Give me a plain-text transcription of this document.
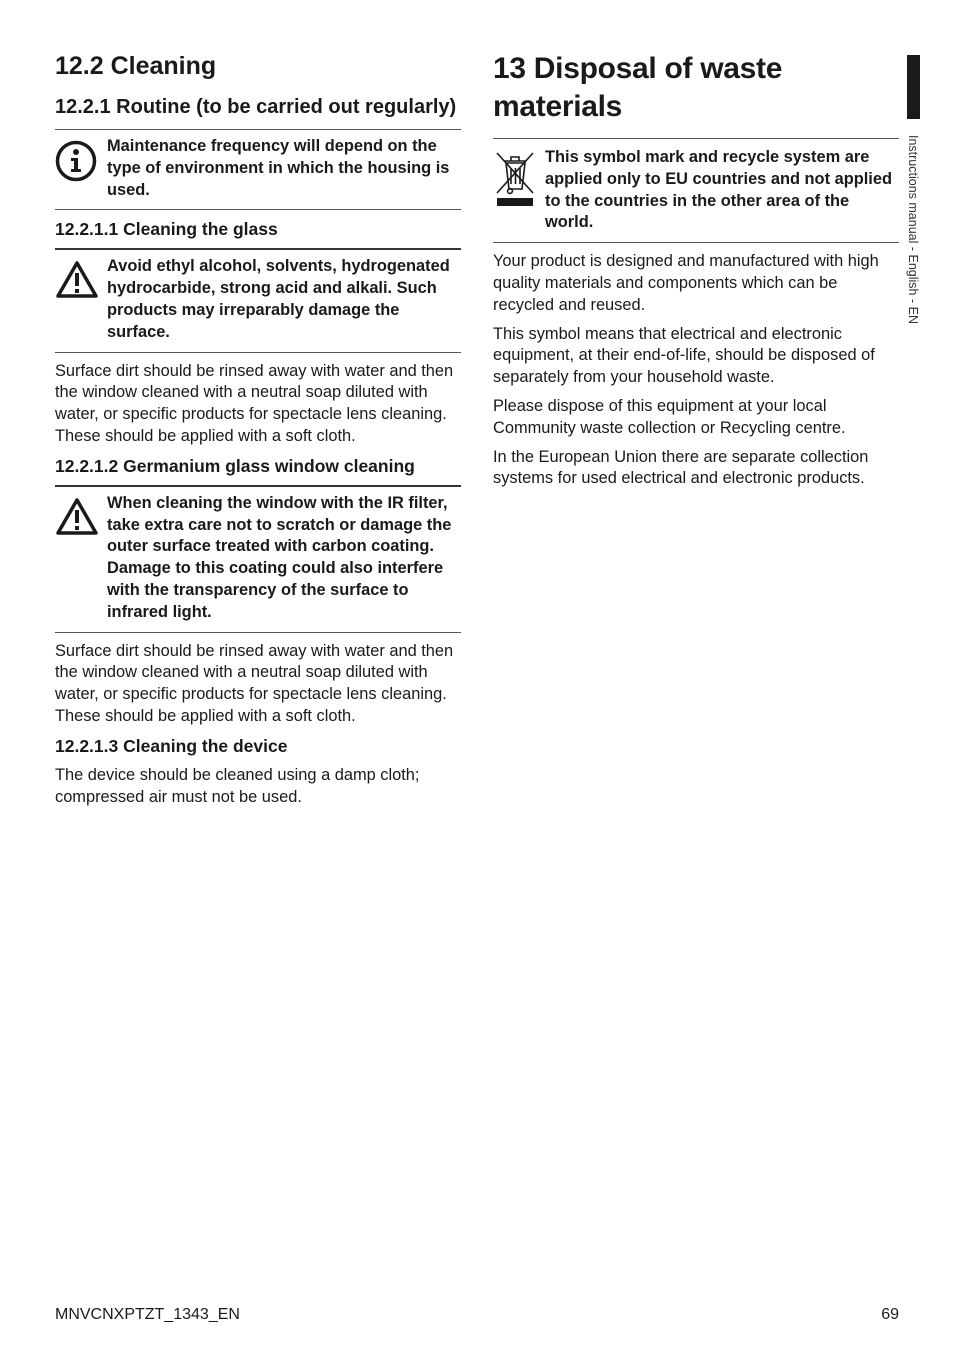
Instructions manual - English - EN
12.2 Cleaning
12.2.1 Routine (to be carried out regularly)
Maintenance frequency will depend on the type of environment in which the housing is used.
12.2.1.1 Cleaning the glass
Avoid ethyl alcohol, solvents, hydrogenated hydrocarbide, strong acid and alkali. Such products may irreparably damage the surface.

Surface dirt should be rinsed away with water and then the window cleaned with a neutral soap diluted with water, or specific products for spectacle lens cleaning. These should be applied with a soft cloth.

12.2.1.2 Germanium glass window cleaning
When cleaning the window with the IR filter, take extra care not to scratch or damage the outer surface treated with carbon coating. Damage to this coating could also interfere with the transparency of the surface to infrared light.

Surface dirt should be rinsed away with water and then the window cleaned with a neutral soap diluted with water, or specific products for spectacle lens cleaning. These should be applied with a soft cloth.

12.2.1.3 Cleaning the device

The device should be cleaned using a damp cloth; compressed air must not be used.

13 Disposal of waste materials
This symbol mark and recycle system are applied only to EU countries and not applied to the countries in the other area of the world.

Your product is designed and manufactured with high quality materials and components which can be recycled and reused.

This symbol means that electrical and electronic equipment, at their end-of-life, should be disposed of separately from your household waste.

Please dispose of this equipment at your local Community waste collection or Recycling centre.

In the European Union there are separate collection systems for used electrical and electronic products.

MNVCNXPTZT_1343_EN	69
